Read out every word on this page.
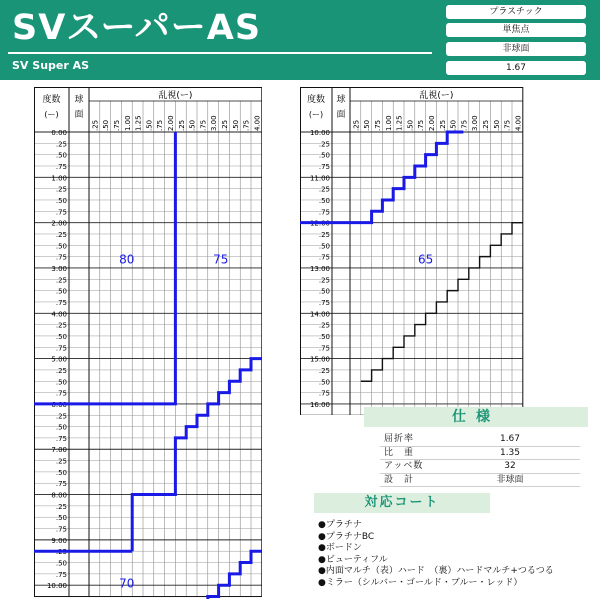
SVスーパーAS
SV Super AS
プラスチック
単焦点
非球面
1.67
度数
(ー)
球
面
乱視(ー)
.25 .50 .75 1.00 1.25 .50 .75 2.00 .25 .50 .75 3.00 .25 .50 .75 4.00
0.00
.25
.50
.75
1.00
.25
.50
.75
2.00
.25
.50
.75
3.00
.25
.50
.75
4.00
.25
.50
.75
5.00
.25
.50
.75
6.00
.25
.50
.75
7.00
.25
.50
.75
8.00
.25
.50
.75
9.00
.25
.50
.75
10.00
80	75
70
度数
(ー)
球
面
乱視(ー)
.25 .50 .75 1.00 1.25 .50 .75 2.00 .25 .50 .75 3.00 .25 .50 .75 4.00
10.00
.25
.50
.75
11.00
.25
.50
.75
12.00
.25
.50
.75
13.00
.25
.50
.75
14.00
.25
.50
.75
15.00
.25
.50
.75
16.00
65
仕様
屈折率	1.67
比　重	1.35
アッベ数	32
設　計	非球面
対応コート
●プラチナ
●プラチナBC
●ボードン
●ビューティフル
●内面マルチ（表）ハード　（裏）ハードマルチ+つるつる
●ミラー（シルバー・ゴールド・ブルー・レッド）
